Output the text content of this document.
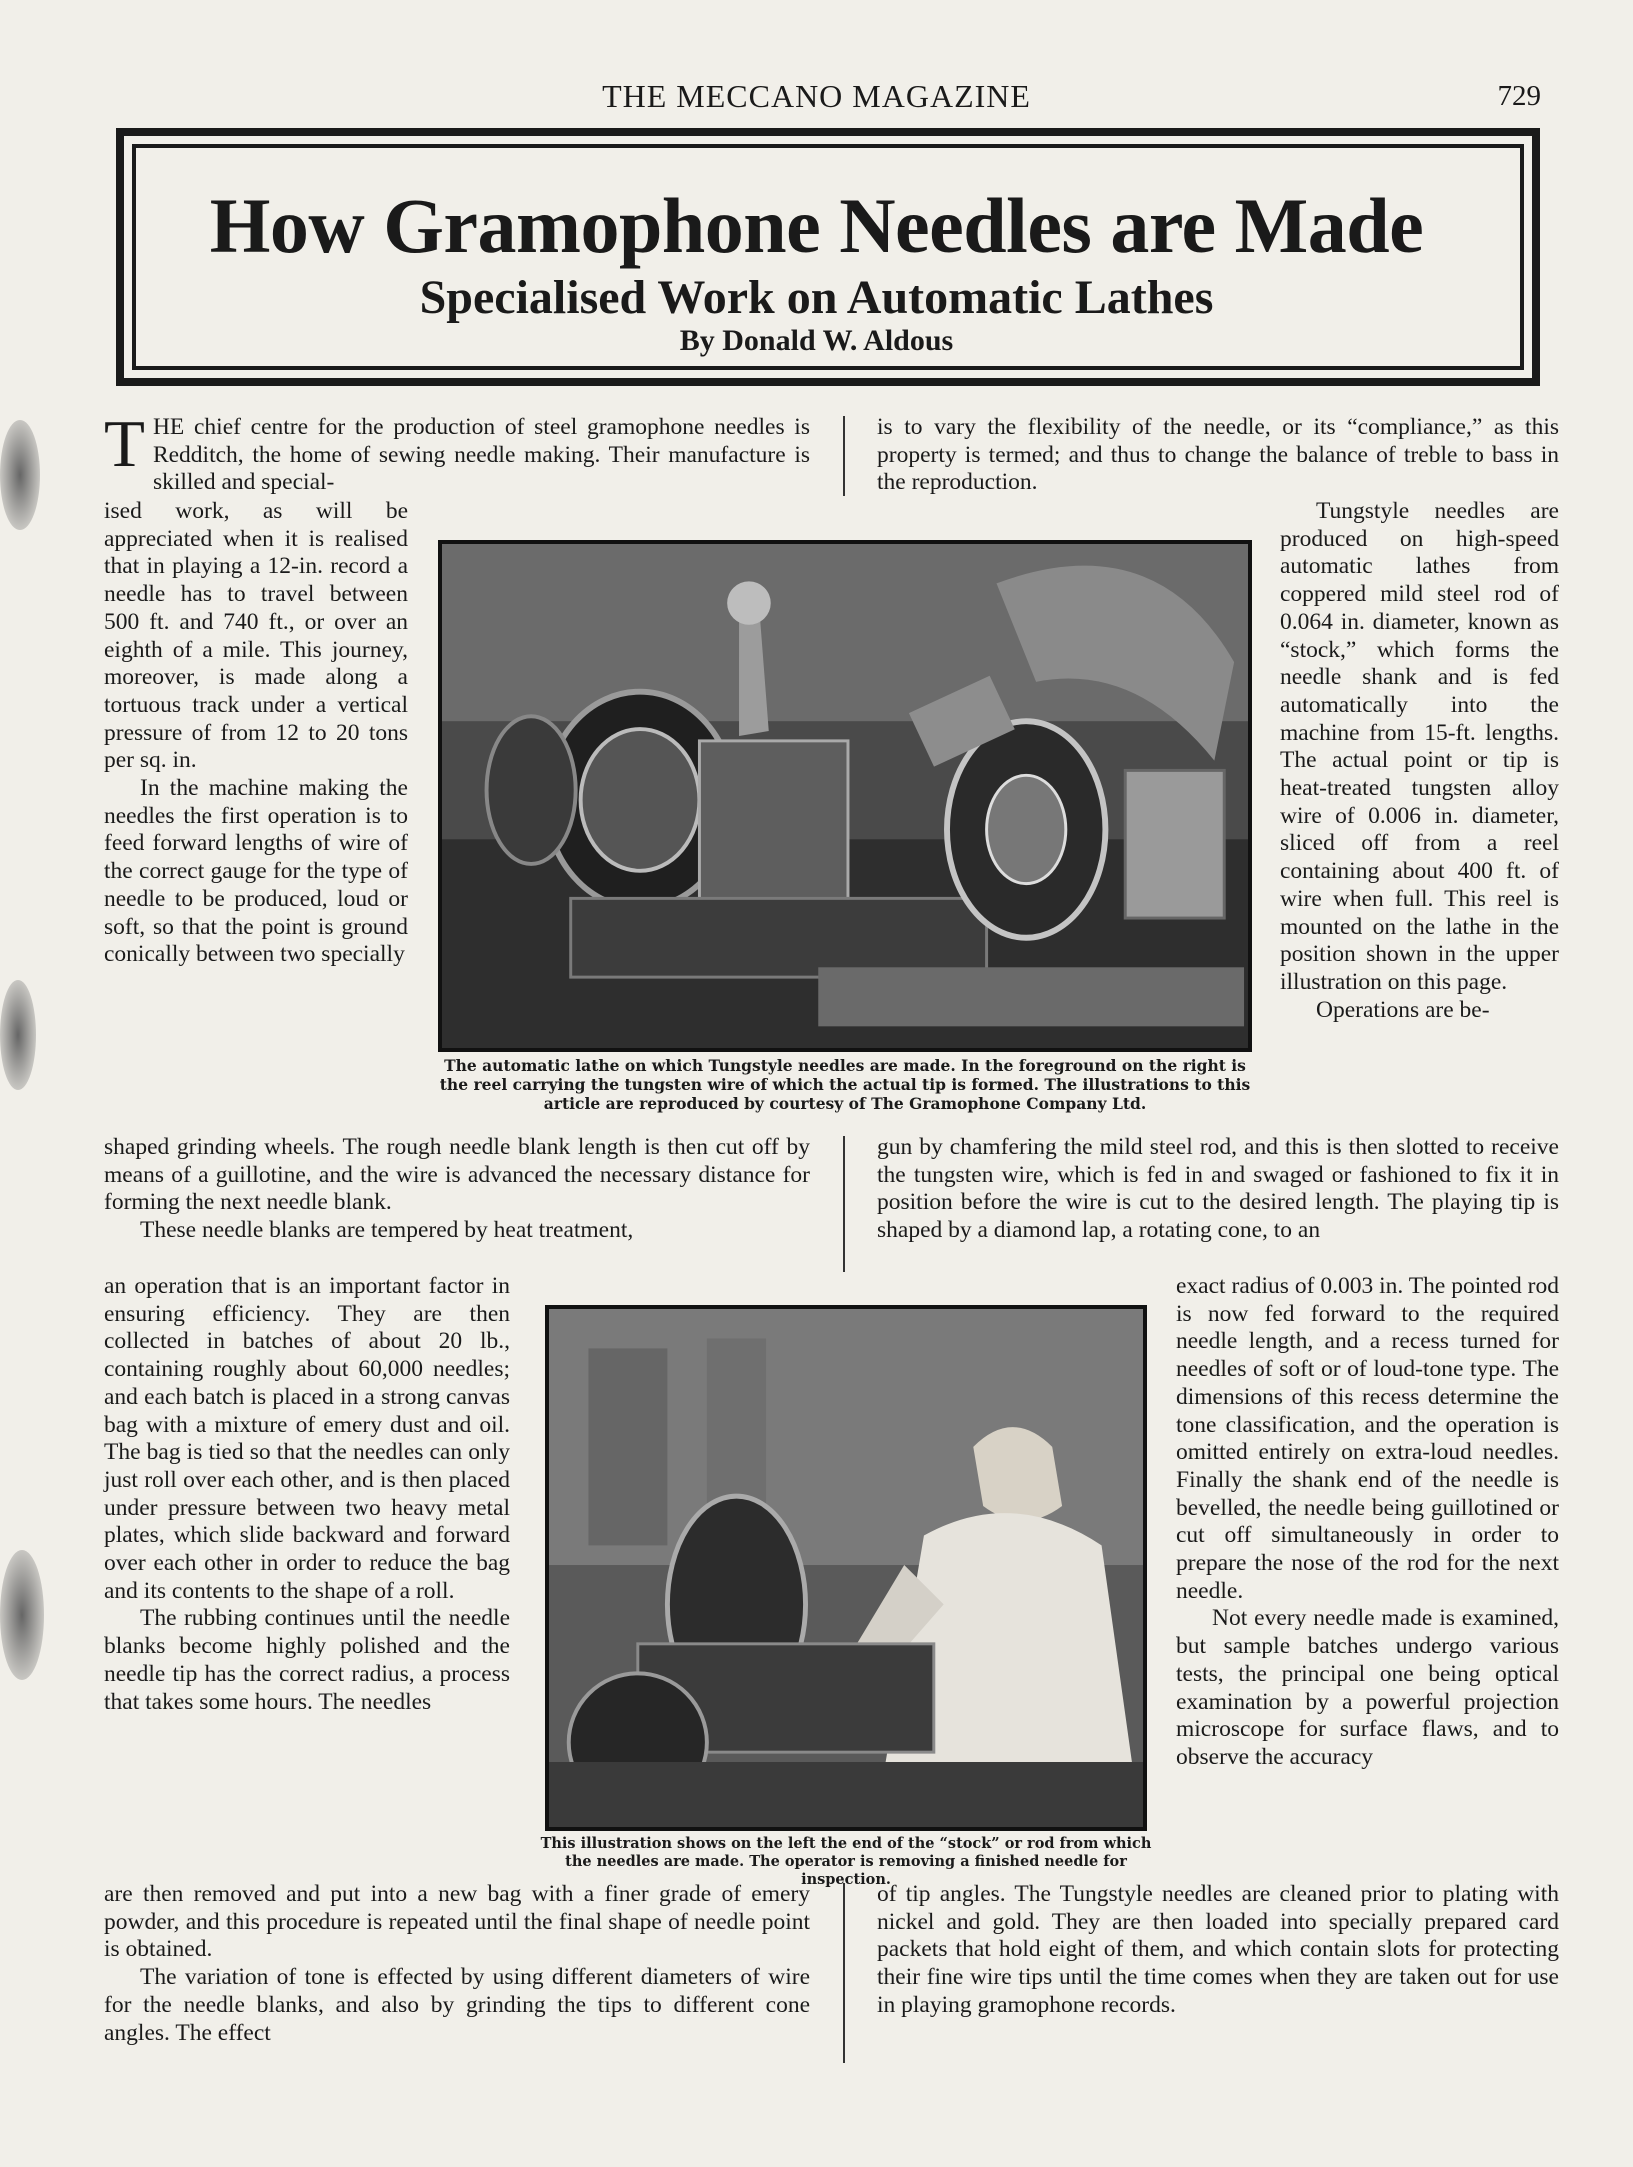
THE MECCANO MAGAZINE	729
How Gramophone Needles are Made
Specialised Work on Automatic Lathes
By Donald W. Aldous

THE chief centre for the production of steel gramophone needles is Redditch, the home of sewing needle making. Their manufacture is skilled and special-

ised work, as will be appreciated when it is realised that in playing a 12-in. record a needle has to travel between 500 ft. and 740 ft., or over an eighth of a mile. This journey, moreover, is made along a tortuous track under a vertical pressure of from 12 to 20 tons per sq. in.

In the machine making the needles the first operation is to feed forward lengths of wire of the correct gauge for the type of needle to be produced, loud or soft, so that the point is ground conically between two specially

shaped grinding wheels. The rough needle blank length is then cut off by means of a guillotine, and the wire is advanced the necessary distance for forming the next needle blank.

These needle blanks are tempered by heat treatment,

an operation that is an important factor in ensuring efficiency. They are then collected in batches of about 20 lb., containing roughly about 60,000 needles; and each batch is placed in a strong canvas bag with a mixture of emery dust and oil. The bag is tied so that the needles can only just roll over each other, and is then placed under pressure between two heavy metal plates, which slide backward and forward over each other in order to reduce the bag and its contents to the shape of a roll.

The rubbing continues until the needle blanks become highly polished and the needle tip has the correct radius, a process that takes some hours. The needles

are then removed and put into a new bag with a finer grade of emery powder, and this procedure is repeated until the final shape of needle point is obtained.

The variation of tone is effected by using different diameters of wire for the needle blanks, and also by grinding the tips to different cone angles. The effect

is to vary the flexibility of the needle, or its “compliance,” as this property is termed; and thus to change the balance of treble to bass in the reproduction.

Tungstyle needles are produced on high-speed automatic lathes from coppered mild steel rod of 0.064 in. diameter, known as “stock,” which forms the needle shank and is fed automatically into the machine from 15-ft. lengths. The actual point or tip is heat-treated tungsten alloy wire of 0.006 in. diameter, sliced off from a reel containing about 400 ft. of wire when full. This reel is mounted on the lathe in the position shown in the upper illustration on this page.

Operations are be-

gun by chamfering the mild steel rod, and this is then slotted to receive the tungsten wire, which is fed in and swaged or fashioned to fix it in position before the wire is cut to the desired length. The playing tip is shaped by a diamond lap, a rotating cone, to an

exact radius of 0.003 in. The pointed rod is now fed forward to the required needle length, and a recess turned for needles of soft or of loud-tone type. The dimensions of this recess determine the tone classification, and the operation is omitted entirely on extra-loud needles. Finally the shank end of the needle is bevelled, the needle being guillotined or cut off simultaneously in order to prepare the nose of the rod for the next needle.

Not every needle made is examined, but sample batches undergo various tests, the principal one being optical examination by a powerful projection microscope for surface flaws, and to observe the accuracy

of tip angles. The Tungstyle needles are cleaned prior to plating with nickel and gold. They are then loaded into specially prepared card packets that hold eight of them, and which contain slots for protecting their fine wire tips until the time comes when they are taken out for use in playing gramophone records.

The automatic lathe on which Tungstyle needles are made. In the foreground on the right is the reel carrying the tungsten wire of which the actual tip is formed. The illustrations to this article are reproduced by courtesy of The Gramophone Company Ltd.

This illustration shows on the left the end of the “stock” or rod from which the needles are made. The operator is removing a finished needle for inspection.
